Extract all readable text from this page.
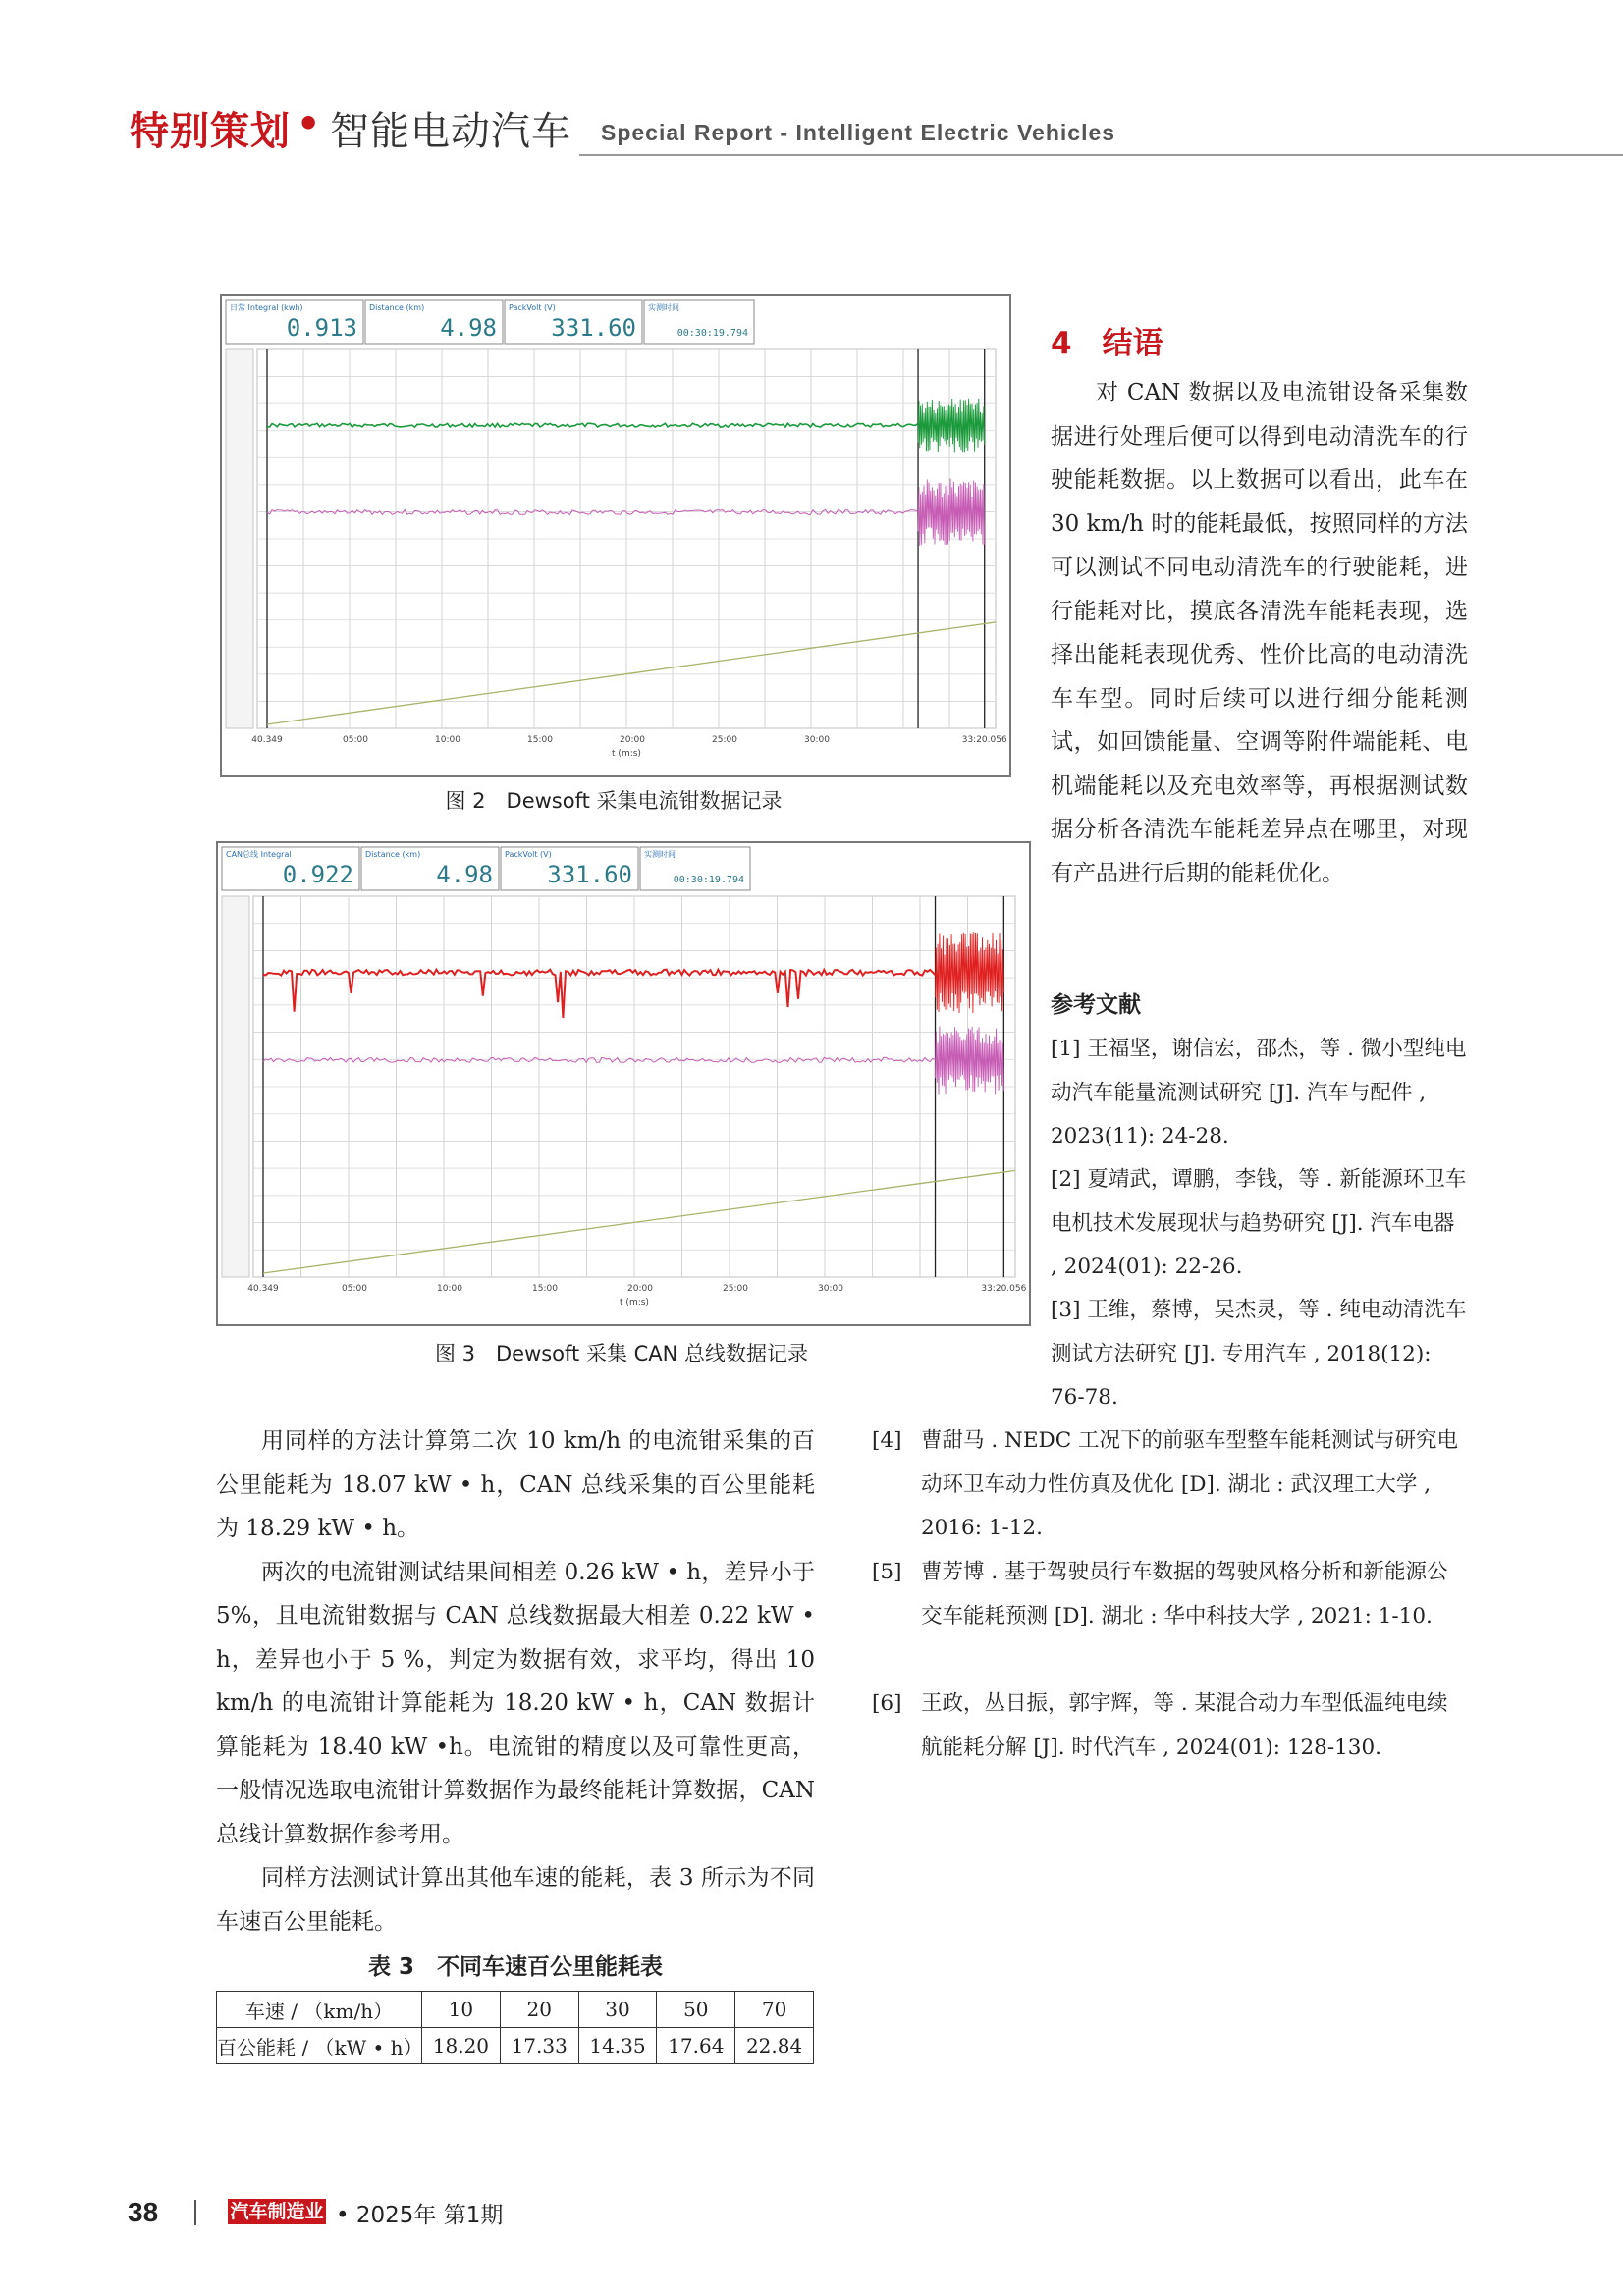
特别策划 • 智能电动汽车 Special Report - Intelligent Electric Vehicles
日常 Integral (kwh)
0.913
Distance (km)
4.98
PackVolt (V)
331.60
实测时间
00:30:19.794
40.349	05:00	10:00	15:00	20:00	25:00	30:00	33:20.056
t (m:s)
图 2　Dewsoft 采集电流钳数据记录
CAN总线 Integral
0.922
Distance (km)
4.98
PackVolt (V)
331.60
实测时间
00:30:19.794
40.349	05:00	10:00	15:00	20:00	25:00	30:00	33:20.056
t (m:s)
图 3　Dewsoft 采集 CAN 总线数据记录

用同样的方法计算第二次 10 km/h 的电流钳采集的百公里能耗为 18.07 kW • h，CAN 总线采集的百公里能耗为 18.29 kW • h。

两次的电流钳测试结果间相差 0.26 kW • h，差异小于 5%，且电流钳数据与 CAN 总线数据最大相差 0.22 kW • h，差异也小于 5 %，判定为数据有效，求平均，得出 10 km/h 的电流钳计算能耗为 18.20 kW • h，CAN 数据计算能耗为 18.40 kW •h。电流钳的精度以及可靠性更高，一般情况选取电流钳计算数据作为最终能耗计算数据，CAN 总线计算数据作参考用。

同样方法测试计算出其他车速的能耗，表 3 所示为不同车速百公里能耗。

表 3　不同车速百公里能耗表
车速 / （km/h）	10	20	30	50	70
百公能耗 / （kW • h）	18.20	17.33	14.35	17.64	22.84
4　结语

对 CAN 数据以及电流钳设备采集数据进行处理后便可以得到电动清洗车的行驶能耗数据。以上数据可以看出，此车在 30 km/h 时的能耗最低，按照同样的方法可以测试不同电动清洗车的行驶能耗，进行能耗对比，摸底各清洗车能耗表现，选择出能耗表现优秀、性价比高的电动清洗车车型。同时后续可以进行细分能耗测试，如回馈能量、空调等附件端能耗、电机端能耗以及充电效率等，再根据测试数据分析各清洗车能耗差异点在哪里，对现有产品进行后期的能耗优化。

参考文献
[1] 王福坚，谢信宏，邵杰，等 . 微小型纯电动汽车能量流测试研究 [J]. 汽车与配件 , 2023(11): 24-28.
[2] 夏靖武，谭鹏，李钱，等 . 新能源环卫车电机技术发展现状与趋势研究 [J]. 汽车电器 , 2024(01): 22-26.
[3] 王维，蔡博，吴杰灵，等 . 纯电动清洗车测试方法研究 [J]. 专用汽车 , 2018(12): 76-78.
[4] 曹甜马 . NEDC 工况下的前驱车型整车能耗测试与研究电动环卫车动力性仿真及优化 [D]. 湖北 : 武汉理工大学 , 2016: 1-12.
[5] 曹芳博 . 基于驾驶员行车数据的驾驶风格分析和新能源公交车能耗预测 [D]. 湖北 : 华中科技大学 , 2021: 1-10.
[6] 王政，丛日振，郭宇辉，等 . 某混合动力车型低温纯电续航能耗分解 [J]. 时代汽车 , 2024(01): 128-130.
38	汽车制造业 • 2025年 第1期
